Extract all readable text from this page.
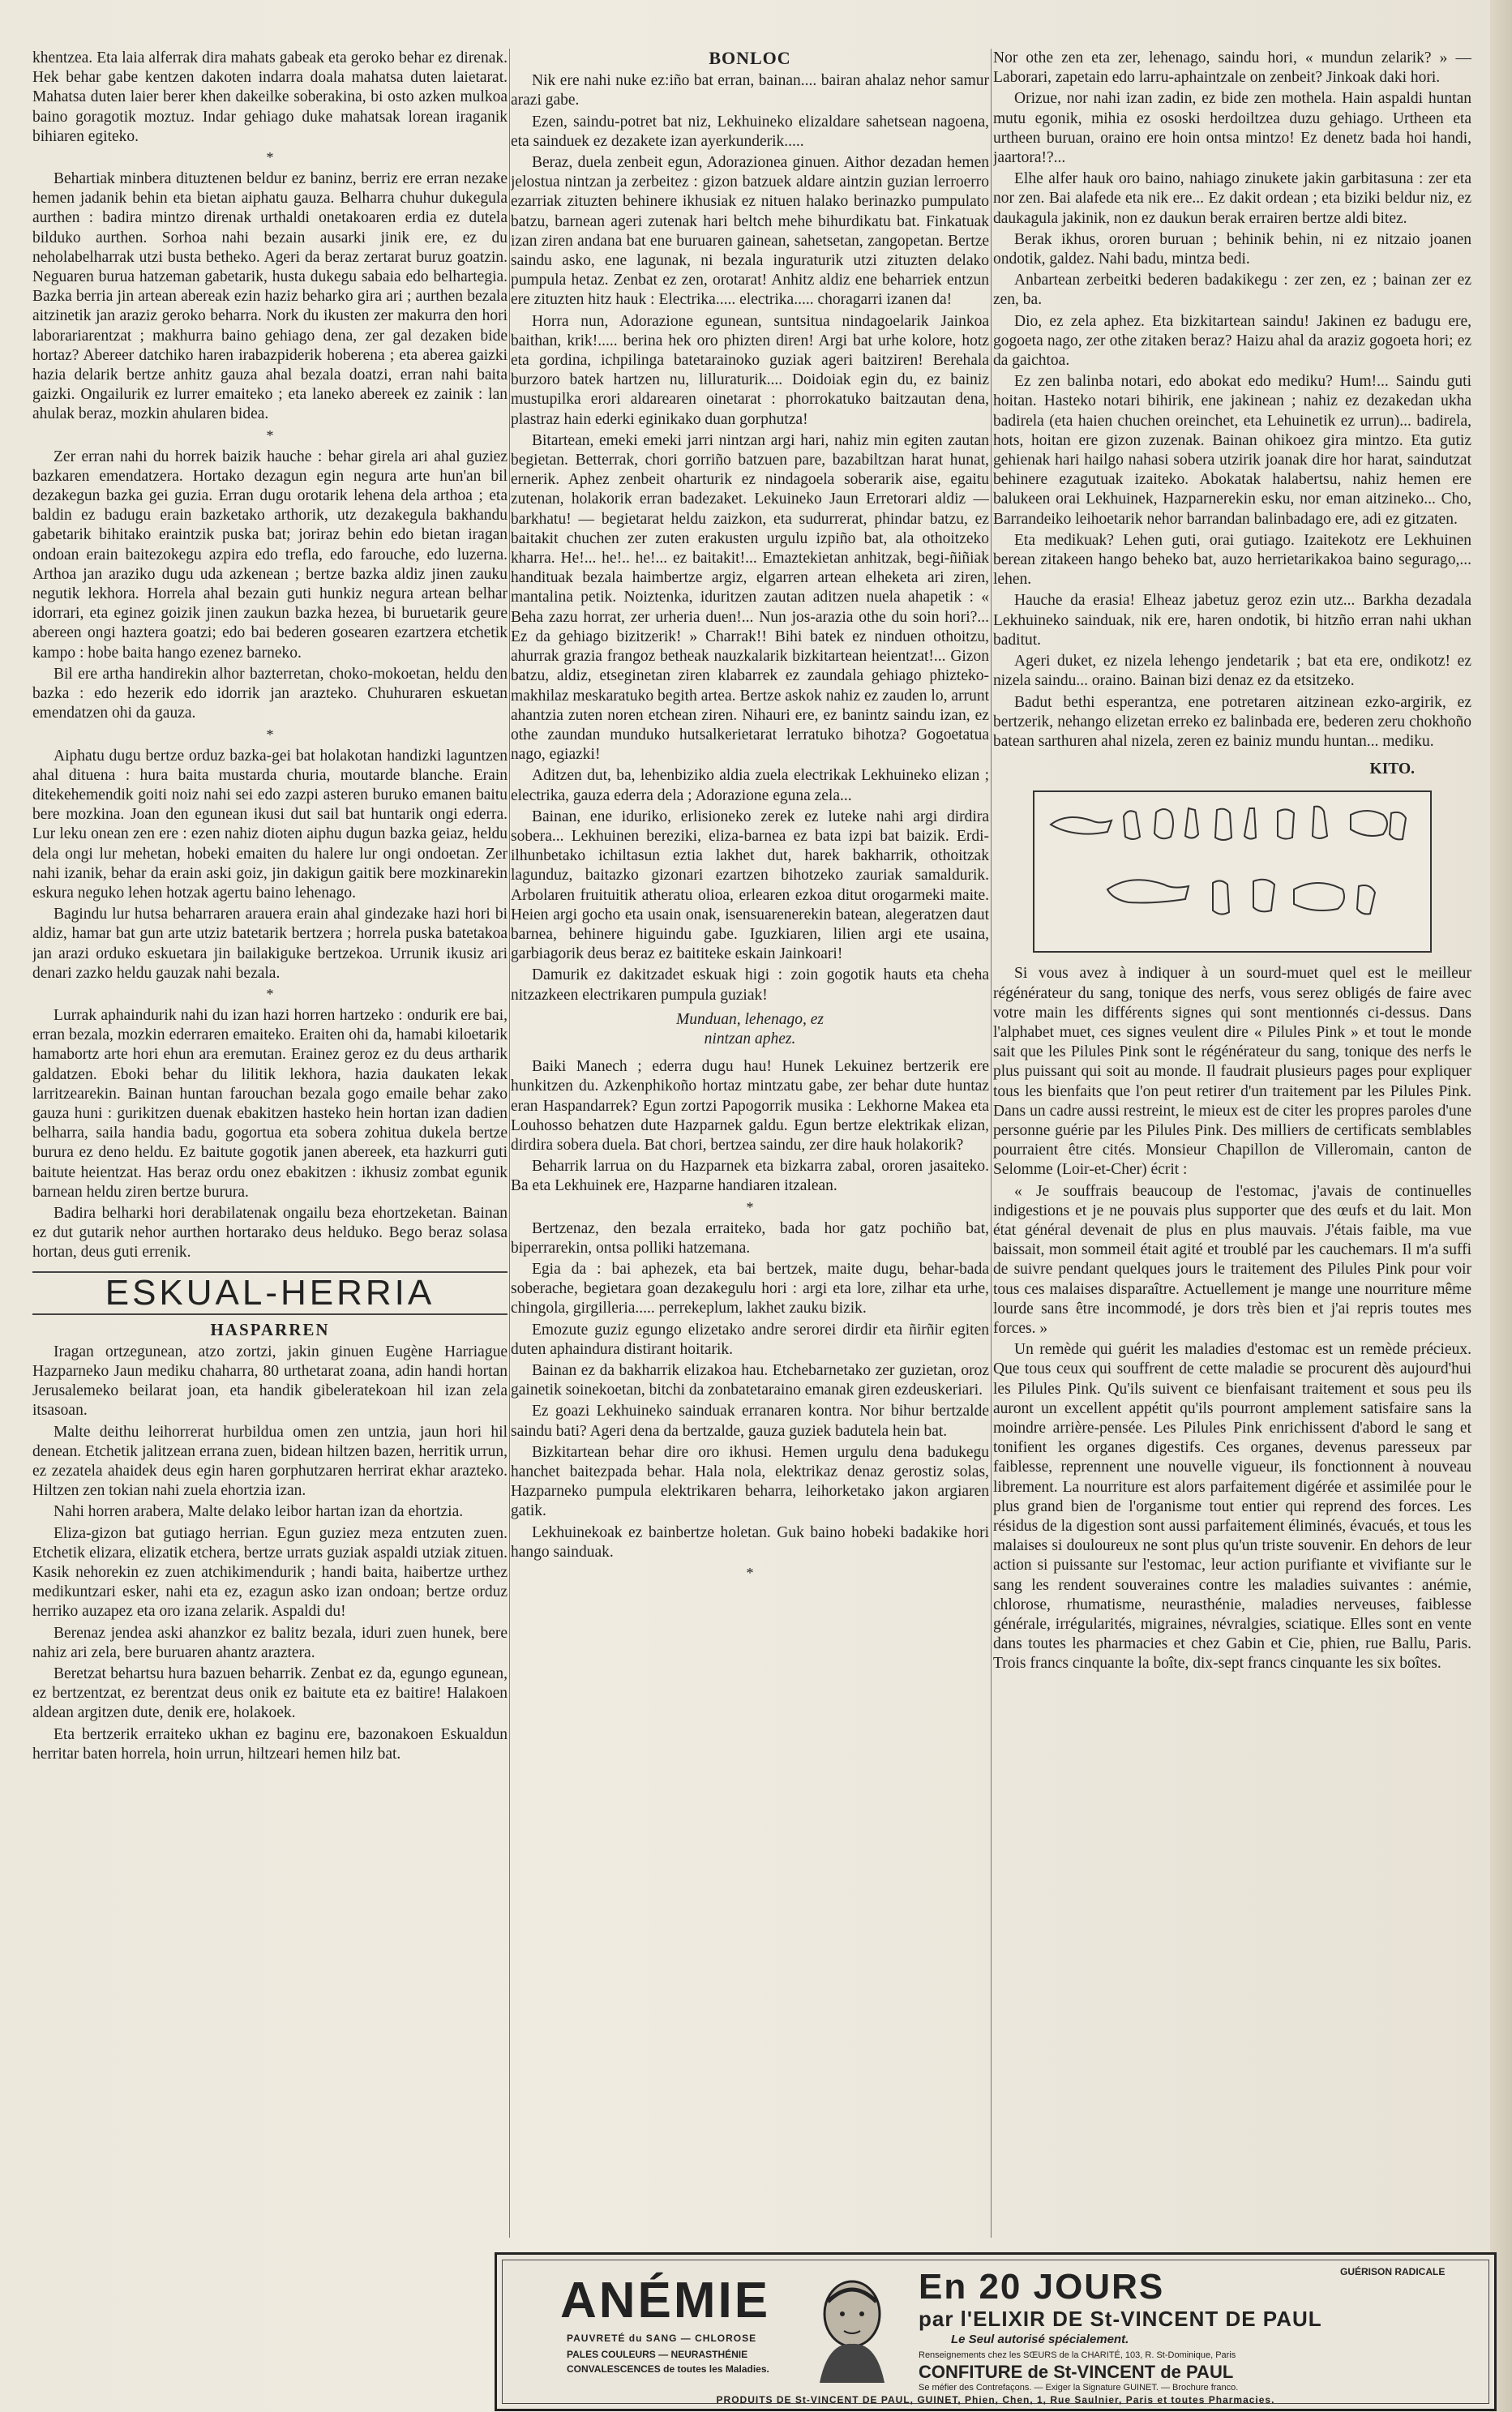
khentzea. Eta laia alferrak dira mahats gabeak eta geroko behar ez direnak. Hek behar gabe kentzen dakoten indarra doala mahatsa duten laietarat. Mahatsa duten laier berer khen dakeilke soberakina, bi osto azken mulkoa baino goragotik moztuz. Indar gehiago duke mahatsak lorean iraganik bihiaren egiteko.

*

Behartiak minbera dituztenen beldur ez baninz, berriz ere erran nezake hemen jadanik behin eta bietan aiphatu gauza. Belharra chuhur dukegula aurthen : badira mintzo direnak urthaldi onetakoaren erdia ez dutela bilduko aurthen. Sorhoa nahi bezain ausarki jinik ere, ez du neholabelharrak utzi busta betheko. Ageri da beraz zertarat buruz goatzin. Neguaren burua hatzeman gabetarik, husta dukegu sabaia edo belhartegia. Bazka berria jin artean abereak ezin haziz beharko gira ari ; aurthen bezala aitzinetik jan araziz geroko beharra. Nork du ikusten zer makurra den hori laborariarentzat ; makhurra baino gehiago dena, zer gal dezaken bide hortaz? Abereer datchiko haren irabazpiderik hoberena ; eta aberea gaizki hazia delarik bertze anhitz gauza ahal bezala doatzi, erran nahi baita gaizki. Ongailurik ez lurrer emaiteko ; eta laneko abereek ez zainik : lan ahulak beraz, mozkin ahularen bidea.

*

Zer erran nahi du horrek baizik hauche : behar girela ari ahal guziez bazkaren emendatzera. Hortako dezagun egin negura arte hun'an bil dezakegun bazka gei guzia. Erran dugu orotarik lehena dela arthoa ; eta baldin ez badugu erain bazketako arthorik, utz dezakegula bakhandu gabetarik bihitako eraintzik puska bat; joriraz behin edo bietan iragan ondoan erain baitezokegu azpira edo trefla, edo farouche, edo luzerna. Arthoa jan araziko dugu uda azkenean ; bertze bazka aldiz jinen zauku negutik lekhora. Horrela ahal bezain guti hunkiz negura artean belhar idorrari, eta eginez goizik jinen zaukun bazka hezea, bi buruetarik geure abereen ongi haztera goatzi; edo bai bederen gosearen ezartzera etchetik kampo : hobe baita hango ezenez barneko.

Bil ere artha handirekin alhor bazterretan, choko-mokoetan, heldu den bazka : edo hezerik edo idorrik jan arazteko. Chuhuraren eskuetan emendatzen ohi da gauza.

*

Aiphatu dugu bertze orduz bazka-gei bat holakotan handizki laguntzen ahal dituena : hura baita mustarda churia, moutarde blanche. Erain ditekehemendik goiti noiz nahi sei edo zazpi asteren buruko emanen baitu bere mozkina. Joan den egunean ikusi dut sail bat huntarik ongi ederra. Lur leku onean zen ere : ezen nahiz dioten aiphu dugun bazka geiaz, heldu dela ongi lur mehetan, hobeki emaiten du halere lur ongi ondoetan. Zer nahi izanik, behar da erain aski goiz, jin dakigun gaitik bere mozkinarekin eskura neguko lehen hotzak agertu baino lehenago.

Bagindu lur hutsa beharraren arauera erain ahal gindezake hazi hori bi aldiz, hamar bat gun arte utziz batetarik bertzera ; horrela puska batetakoa jan arazi orduko eskuetara jin bailakiguke bertzekoa. Urrunik ikusiz ari denari zazko heldu gauzak nahi bezala.

*

Lurrak aphaindurik nahi du izan hazi horren hartzeko : ondurik ere bai, erran bezala, mozkin ederraren emaiteko. Eraiten ohi da, hamabi kiloetarik hamabortz arte hori ehun ara eremutan. Erainez geroz ez du deus artharik galdatzen. Eboki behar du lilitik lekhora, hazia daukaten lekak larritzearekin. Bainan huntan farouchan bezala gogo emaile behar zako gauza huni : gurikitzen duenak ebakitzen hasteko hein hortan izan dadien belharra, saila handia badu, gogortua eta sobera zohitua dukela bertze burura ez deno heldu. Ez baitute gogotik janen abereek, eta hazkurri guti baitute heientzat. Has beraz ordu onez ebakitzen : ikhusiz zombat egunik barnean heldu ziren bertze burura.

Badira belharki hori derabilatenak ongailu beza ehortzeketan. Bainan ez dut gutarik nehor aurthen hortarako deus helduko. Bego beraz solasa hortan, deus guti errenik.

ESKUAL-HERRIA
HASPARREN

Iragan ortzegunean, atzo zortzi, jakin ginuen Eugène Harriague Hazparneko Jaun mediku chaharra, 80 urthetarat zoana, adin handi hortan Jerusalemeko beilarat joan, eta handik gibeleratekoan hil izan zela itsasoan.

Malte deithu leihorrerat hurbildua omen zen untzia, jaun hori hil denean. Etchetik jalitzean errana zuen, bidean hiltzen bazen, herritik urrun, ez zezatela ahaidek deus egin haren gorphutzaren herrirat ekhar arazteko. Hiltzen zen tokian nahi zuela ehortzia izan.

Nahi horren arabera, Malte delako leibor hartan izan da ehortzia.

Eliza-gizon bat gutiago herrian. Egun guziez meza entzuten zuen. Etchetik elizara, elizatik etchera, bertze urrats guziak aspaldi utziak zituen. Kasik nehorekin ez zuen atchikimendurik ; handi baita, haibertze urthez medikuntzari esker, nahi eta ez, ezagun asko izan ondoan; bertze orduz herriko auzapez eta oro izana zelarik. Aspaldi du!

Berenaz jendea aski ahanzkor ez balitz bezala, iduri zuen hunek, bere nahiz ari zela, bere buruaren ahantz araztera.

Beretzat behartsu hura bazuen beharrik. Zenbat ez da, egungo egunean, ez bertzentzat, ez berentzat deus onik ez baitute eta ez baitire! Halakoen aldean argitzen dute, denik ere, holakoek.

Eta bertzerik erraiteko ukhan ez baginu ere, bazonakoen Eskualdun herritar baten horrela, hoin urrun, hiltzeari hemen hilz bat.

BONLOC

Nik ere nahi nuke ez:iño bat erran, bainan.... bairan ahalaz nehor samur arazi gabe.

Ezen, saindu-potret bat niz, Lekhuineko elizaldare sahetsean nagoena, eta sainduek ez dezakete izan ayerkunderik.....

Beraz, duela zenbeit egun, Adorazionea ginuen. Aithor dezadan hemen jelostua nintzan ja zerbeitez : gizon batzuek aldare aintzin guzian lerroerro ezarriak zituzten behinere ikhusiak ez nituen halako berinazko pumpulato batzu, barnean ageri zutenak hari beltch mehe bihurdikatu bat. Finkatuak izan ziren andana bat ene buruaren gainean, sahetsetan, zangopetan. Bertze saindu asko, ene lagunak, ni bezala inguraturik utzi zituzten delako pumpula hetaz. Zenbat ez zen, orotarat! Anhitz aldiz ene beharriek entzun ere zituzten hitz hauk : Electrika..... electrika..... choragarri izanen da!

Horra nun, Adorazione egunean, suntsitua nindagoelarik Jainkoa baithan, krik!..... berina hek oro phizten diren! Argi bat urhe kolore, hotz eta gordina, ichpilinga batetarainoko guziak ageri baitziren! Berehala burzoro batek hartzen nu, lilluraturik.... Doidoiak egin du, ez bainiz mustupilka erori aldarearen oinetarat : phorrokatuko baitzautan dena, plastraz hain ederki eginikako duan gorphutza!

Bitartean, emeki emeki jarri nintzan argi hari, nahiz min egiten zautan begietan. Betterrak, chori gorriño batzuen pare, bazabiltzan harat hunat, ernerik. Aphez zenbeit oharturik ez nindagoela soberarik aise, egaitu zutenan, holakorik erran badezaket. Lekuineko Jaun Erretorari aldiz — barkhatu! — begietarat heldu zaizkon, eta sudurrerat, phindar batzu, ez baitakit chuchen zer zuten erakusten urgulu izpiño bat, ala othoitzeko kharra. He!... he!.. he!... ez baitakit!... Emaztekietan anhitzak, begi-ñiñiak handituak bezala haimbertze argiz, elgarren artean elheketa ari ziren, mantalina petik. Noiztenka, iduritzen zautan aditzen nuela ahapetik : « Beha zazu horrat, zer urheria duen!... Nun jos-arazia othe du soin hori?... Ez da gehiago bizitzerik! » Charrak!! Bihi batek ez ninduen othoitzu, ahurrak grazia frangoz betheak nauzkalarik bizkitartean heientzat!... Gizon batzu, aldiz, etseginetan ziren klabarrek ez zaundala gehiago phizteko-makhilaz meskaratuko begith artea. Bertze askok nahiz ez zauden lo, arrunt ahantzia zuten noren etchean ziren. Nihauri ere, ez banintz saindu izan, ez othe zaundan munduko hutsalkerietarat lerratuko bihotza? Gogoetatua nago, egiazki!

Aditzen dut, ba, lehenbiziko aldia zuela electrikak Lekhuineko elizan ; electrika, gauza ederra dela ; Adorazione eguna zela...

Bainan, ene iduriko, erlisioneko zerek ez luteke nahi argi dirdira sobera... Lekhuinen bereziki, eliza-barnea ez bata izpi bat baizik. Erdi-ilhunbetako ichiltasun eztia lakhet dut, harek bakharrik, othoitzak lagunduz, baitazko gizonari ezartzen bihotzeko zauriak samaldurik. Arbolaren fruituitik atheratu olioa, erlearen ezkoa ditut orogarmeki maite. Heien argi gocho eta usain onak, isensuarenerekin batean, alegeratzen daut barnea, behinere higuindu gabe. Iguzkiaren, lilien argi ete usaina, garbiagorik deus beraz ez baititeke eskain Jainkoari!

Damurik ez dakitzadet eskuak higi : zoin gogotik hauts eta cheha nitzazkeen electrikaren pumpula guziak!

Munduan, lehenago, ez
nintzan aphez.

Baiki Manech ; ederra dugu hau! Hunek Lekuinez bertzerik ere hunkitzen du. Azkenphikoño hortaz mintzatu gabe, zer behar dute huntaz eran Haspandarrek? Egun zortzi Papogorrik musika : Lekhorne Makea eta Louhosso behatzen dute Hazparnek galdu. Egun bertze elektrikak elizan, dirdira sobera duela. Bat chori, bertzea saindu, zer dire hauk holakorik?

Beharrik larrua on du Hazparnek eta bizkarra zabal, ororen jasaiteko. Ba eta Lekhuinek ere, Hazparne handiaren itzalean.

*

Bertzenaz, den bezala erraiteko, bada hor gatz pochiño bat, biperrarekin, ontsa polliki hatzemana.

Egia da : bai aphezek, eta bai bertzek, maite dugu, behar-bada soberache, begietara goan dezakegulu hori : argi eta lore, zilhar eta urhe, chingola, girgilleria..... perrekeplum, lakhet zauku bizik.

Emozute guziz egungo elizetako andre serorei dirdir eta ñirñir egiten duten aphaindura distirant hoitarik.

Bainan ez da bakharrik elizakoa hau. Etchebarnetako zer guzietan, oroz gainetik soinekoetan, bitchi da zonbatetaraino emanak giren ezdeuskeriari.

Ez goazi Lekhuineko sainduak erranaren kontra. Nor bihur bertzalde saindu bati? Ageri dena da bertzalde, gauza guziek badutela hein bat.

Bizkitartean behar dire oro ikhusi. Hemen urgulu dena badukegu hanchet baitezpada behar. Hala nola, elektrikaz denaz gerostiz solas, Hazparneko pumpula elektrikaren beharra, leihorketako jakon argiaren gatik.

Lekhuinekoak ez bainbertze holetan. Guk baino hobeki badakike hori hango sainduak.

*

Nor othe zen eta zer, lehenago, saindu hori, « mundun zelarik? » — Laborari, zapetain edo larru-aphaintzale on zenbeit? Jinkoak daki hori.

Orizue, nor nahi izan zadin, ez bide zen mothela. Hain aspaldi huntan mutu egonik, mihia ez ososki herdoiltzea duzu gehiago. Urtheen eta urtheen buruan, oraino ere hoin ontsa mintzo! Ez denetz bada hoi handi, jaartora!?...

Elhe alfer hauk oro baino, nahiago zinukete jakin garbitasuna : zer eta nor zen. Bai alafede eta nik ere... Ez dakit ordean ; eta biziki beldur niz, ez daukagula jakinik, non ez daukun berak errairen bertze aldi bitez.

Berak ikhus, ororen buruan ; behinik behin, ni ez nitzaio joanen ondotik, galdez. Nahi badu, mintza bedi.

Anbartean zerbeitki bederen badakikegu : zer zen, ez ; bainan zer ez zen, ba.

Dio, ez zela aphez. Eta bizkitartean saindu! Jakinen ez badugu ere, gogoeta nago, zer othe zitaken beraz? Haizu ahal da araziz gogoeta hori; ez da gaichtoa.

Ez zen balinba notari, edo abokat edo mediku? Hum!... Saindu guti hoitan. Hasteko notari bihirik, ene jakinean ; nahiz ez dezakedan ukha badirela (eta haien chuchen oreinchet, eta Lehuinetik ez urrun)... badirela, hots, hoitan ere gizon zuzenak. Bainan ohikoez gira mintzo. Eta gutiz gehienak hari hailgo nahasi sobera utzirik joanak dire hor harat, saindutzat behinere ezagutuak izaiteko. Abokatak halabertsu, nahiz hemen ere balukeen orai Lekhuinek, Hazparnerekin esku, nor eman aitzineko... Cho, Barrandeiko leihoetarik nehor barrandan balinbadago ere, adi ez gitzaten.

Eta medikuak? Lehen guti, orai gutiago. Izaitekotz ere Lekhuinen berean zitakeen hango beheko bat, auzo herrietarikakoa baino segurago,... lehen.

Hauche da erasia! Elheaz jabetuz geroz ezin utz... Barkha dezadala Lekhuineko sainduak, nik ere, haren ondotik, bi hitzño erran nahi ukhan baditut.

Ageri duket, ez nizela lehengo jendetarik ; bat eta ere, ondikotz! ez nizela saindu... oraino. Bainan bizi denaz ez da etsitzeko.

Badut bethi esperantza, ene potretaren aitzinean ezko-argirik, ez bertzerik, nehango elizetan erreko ez balinbada ere, bederen zeru chokhoño batean sarthuren ahal nizela, zeren ez bainiz mundu huntan... mediku.

KITO.

Si vous avez à indiquer à un sourd-muet quel est le meilleur régénérateur du sang, tonique des nerfs, vous serez obligés de faire avec votre main les différents signes qui sont mentionnés ci-dessus. Dans l'alphabet muet, ces signes veulent dire « Pilules Pink » et tout le monde sait que les Pilules Pink sont le régénérateur du sang, tonique des nerfs le plus puissant qui soit au monde. Il faudrait plusieurs pages pour expliquer tous les bienfaits que l'on peut retirer d'un traitement par les Pilules Pink. Dans un cadre aussi restreint, le mieux est de citer les propres paroles d'une personne guérie par les Pilules Pink. Des milliers de certificats semblables pourraient être cités. Monsieur Chapillon de Villeromain, canton de Selomme (Loir-et-Cher) écrit :

« Je souffrais beaucoup de l'estomac, j'avais de continuelles indigestions et je ne pouvais plus supporter que des œufs et du lait. Mon état général devenait de plus en plus mauvais. J'étais faible, ma vue baissait, mon sommeil était agité et troublé par les cauchemars. Il m'a suffi de suivre pendant quelques jours le traitement des Pilules Pink pour voir tous ces malaises disparaître. Actuellement je mange une nourriture même lourde sans être incommodé, je dors très bien et j'ai repris toutes mes forces. »

Un remède qui guérit les maladies d'estomac est un remède précieux. Que tous ceux qui souffrent de cette maladie se procurent dès aujourd'hui les Pilules Pink. Qu'ils suivent ce bienfaisant traitement et sous peu ils auront un excellent appétit qu'ils pourront amplement satisfaire sans la moindre arrière-pensée. Les Pilules Pink enrichissent d'abord le sang et tonifient les organes digestifs. Ces organes, devenus paresseux par faiblesse, reprennent une nouvelle vigueur, ils fonctionnent à nouveau librement. La nourriture est alors parfaitement digérée et assimilée pour le plus grand bien de l'organisme tout entier qui reprend des forces. Les résidus de la digestion sont aussi parfaitement éliminés, évacués, et tous les malaises si douloureux ne sont plus qu'un triste souvenir. En dehors de leur action si puissante sur l'estomac, leur action purifiante et vivifiante sur le sang les rendent souveraines contre les maladies suivantes : anémie, chlorose, rhumatisme, neurasthénie, maladies nerveuses, faiblesse générale, irrégularités, migraines, névralgies, sciatique. Elles sont en vente dans toutes les pharmacies et chez Gabin et Cie, phien, rue Ballu, Paris. Trois francs cinquante la boîte, dix-sept francs cinquante les six boîtes.

ANÉMIE
PAUVRETÉ du SANG — CHLOROSE
PALES COULEURS — NEURASTHÉNIE
CONVALESCENCES de toutes les Maladies.
En 20 JOURS	GUÉRISON RADICALE
par l'ELIXIR DE St-VINCENT DE PAUL
Le Seul autorisé spécialement.
Renseignements chez les SŒURS de la CHARITÉ, 103, R. St-Dominique, Paris
CONFITURE de St-VINCENT de PAUL
Se méfier des Contrefaçons. — Exiger la Signature GUINET. — Brochure franco.
PRODUITS DE St-VINCENT DE PAUL, GUINET, Phien, Chen, 1, Rue Saulnier, Paris et toutes Pharmacies.
